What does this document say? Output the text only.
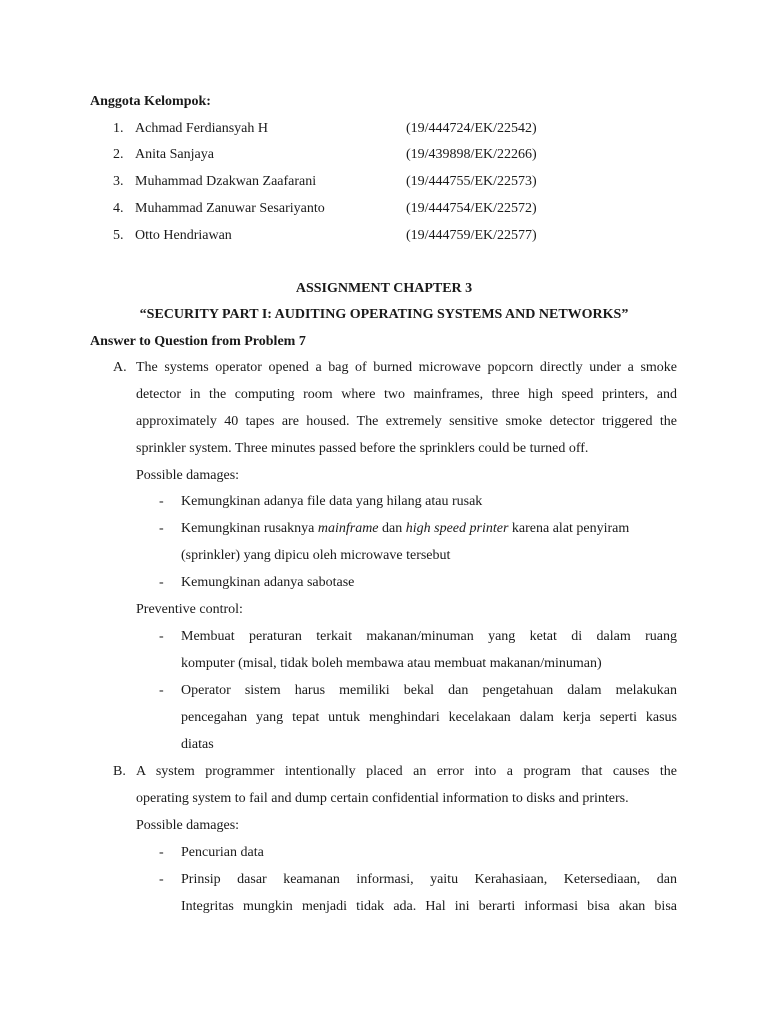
Anggota Kelompok:
1. Achmad Ferdiansyah H	(19/444724/EK/22542)
2. Anita Sanjaya	(19/439898/EK/22266)
3. Muhammad Dzakwan Zaafarani	(19/444755/EK/22573)
4. Muhammad Zanuwar Sesariyanto	(19/444754/EK/22572)
5. Otto Hendriawan	(19/444759/EK/22577)
ASSIGNMENT CHAPTER 3
“SECURITY PART I: AUDITING OPERATING SYSTEMS AND NETWORKS”
Answer to Question from Problem 7
A. The systems operator opened a bag of burned microwave popcorn directly under a smoke
detector in the computing room where two mainframes, three high speed printers, and
approximately 40 tapes are housed. The extremely sensitive smoke detector triggered the
sprinkler system. Three minutes passed before the sprinklers could be turned off.
Possible damages:
- Kemungkinan adanya file data yang hilang atau rusak
- Kemungkinan rusaknya mainframe dan high speed printer karena alat penyiram
(sprinkler) yang dipicu oleh microwave tersebut
- Kemungkinan adanya sabotase
Preventive control:
- Membuat peraturan terkait makanan/minuman yang ketat di dalam ruang
komputer (misal, tidak boleh membawa atau membuat makanan/minuman)
- Operator sistem harus memiliki bekal dan pengetahuan dalam melakukan
pencegahan yang tepat untuk menghindari kecelakaan dalam kerja seperti kasus
diatas
B. A system programmer intentionally placed an error into a program that causes the
operating system to fail and dump certain confidential information to disks and printers.
Possible damages:
- Pencurian data
- Prinsip dasar keamanan informasi, yaitu Kerahasiaan, Ketersediaan, dan
Integritas mungkin menjadi tidak ada. Hal ini berarti informasi bisa akan bisa
